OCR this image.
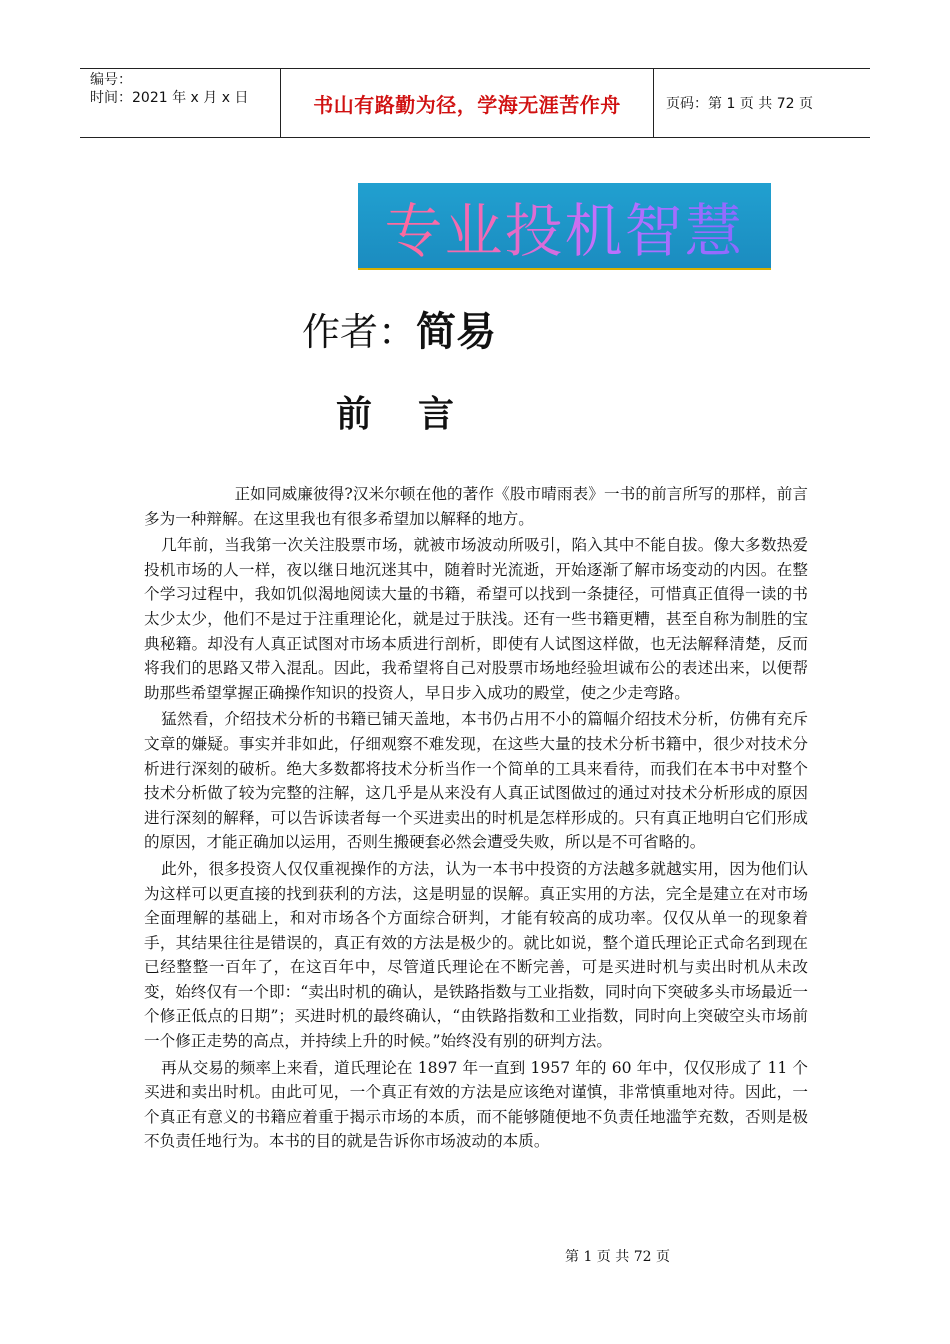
编号：
时间：2021 年 x 月 x 日	书山有路勤为径，学海无涯苦作舟	页码：第 1 页 共 72 页
专业投机智慧
作者：简易
前言

正如同威廉彼得?汉米尔顿在他的著作《股市晴雨表》一书的前言所写的那样，前言多为一种辩解。在这里我也有很多希望加以解释的地方。

几年前，当我第一次关注股票市场，就被市场波动所吸引，陷入其中不能自拔。像大多数热爱投机市场的人一样，夜以继日地沉迷其中，随着时光流逝，开始逐渐了解市场变动的内因。在整个学习过程中，我如饥似渴地阅读大量的书籍，希望可以找到一条捷径，可惜真正值得一读的书太少太少，他们不是过于注重理论化，就是过于肤浅。还有一些书籍更糟，甚至自称为制胜的宝典秘籍。却没有人真正试图对市场本质进行剖析，即使有人试图这样做，也无法解释清楚，反而将我们的思路又带入混乱。因此，我希望将自己对股票市场地经验坦诚布公的表述出来，以便帮助那些希望掌握正确操作知识的投资人，早日步入成功的殿堂，使之少走弯路。

猛然看，介绍技术分析的书籍已铺天盖地，本书仍占用不小的篇幅介绍技术分析，仿佛有充斥文章的嫌疑。事实并非如此，仔细观察不难发现，在这些大量的技术分析书籍中，很少对技术分析进行深刻的破析。绝大多数都将技术分析当作一个简单的工具来看待，而我们在本书中对整个技术分析做了较为完整的注解，这几乎是从来没有人真正试图做过的通过对技术分析形成的原因进行深刻的解释，可以告诉读者每一个买进卖出的时机是怎样形成的。只有真正地明白它们形成的原因，才能正确加以运用，否则生搬硬套必然会遭受失败，所以是不可省略的。

此外，很多投资人仅仅重视操作的方法，认为一本书中投资的方法越多就越实用，因为他们认为这样可以更直接的找到获利的方法，这是明显的误解。真正实用的方法，完全是建立在对市场全面理解的基础上，和对市场各个方面综合研判，才能有较高的成功率。仅仅从单一的现象着手，其结果往往是错误的，真正有效的方法是极少的。就比如说，整个道氏理论正式命名到现在已经整整一百年了，在这百年中，尽管道氏理论在不断完善，可是买进时机与卖出时机从未改变，始终仅有一个即：“卖出时机的确认，是铁路指数与工业指数，同时向下突破多头市场最近一个修正低点的日期”；买进时机的最终确认，“由铁路指数和工业指数，同时向上突破空头市场前一个修正走势的高点，并持续上升的时候。”始终没有别的研判方法。

再从交易的频率上来看，道氏理论在 1897 年一直到 1957 年的 60 年中，仅仅形成了 11 个买进和卖出时机。由此可见，一个真正有效的方法是应该绝对谨慎，非常慎重地对待。因此，一个真正有意义的书籍应着重于揭示市场的本质，而不能够随便地不负责任地滥竽充数，否则是极不负责任地行为。本书的目的就是告诉你市场波动的本质。

第 1 页 共 72 页
